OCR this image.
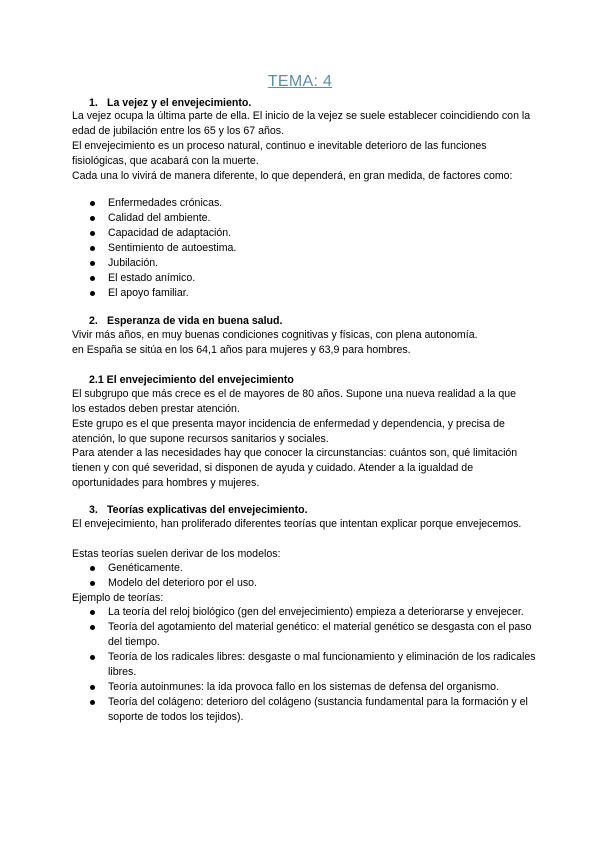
TEMA: 4
1. La vejez y el envejecimiento.

La vejez ocupa la última parte de ella. El inicio de la vejez se suele establecer coincidiendo con la edad de jubilación entre los 65 y los 67 años.

El envejecimiento es un proceso natural, continuo e inevitable deterioro de las funciones fisiológicas, que acabará con la muerte.

Cada una lo vivirá de manera diferente, lo que dependerá, en gran medida, de factores como:

Enfermedades crónicas.
Calidad del ambiente.
Capacidad de adaptación.
Sentimiento de autoestima.
Jubilación.
El estado anímico.
El apoyo familiar.
2. Esperanza de vida en buena salud.

Vivir más años, en muy buenas condiciones cognitivas y físicas, con plena autonomía.

en España se sitúa en los 64,1 años para mujeres y 63,9 para hombres.

2.1 El envejecimiento del envejecimiento

El subgrupo que más crece es el de mayores de 80 años. Supone una nueva realidad a la que los estados deben prestar atención.

Este grupo es el que presenta mayor incidencia de enfermedad y dependencia, y precisa de atención, lo que supone recursos sanitarios y sociales.

Para atender a las necesidades hay que conocer la circunstancias: cuántos son, qué limitación tienen y con qué severidad, si disponen de ayuda y cuidado. Atender a la igualdad de oportunidades para hombres y mujeres.

3. Teorías explicativas del envejecimiento.

El envejecimiento, han proliferado diferentes teorías que intentan explicar porque envejecemos.

Estas teorías suelen derivar de los modelos:

Genéticamente.
Modelo del deterioro por el uso.

Ejemplo de teorías:

La teoría del reloj biológico (gen del envejecimiento) empieza a deteriorarse y envejecer.
Teoría del agotamiento del material genético: el material genético se desgasta con el paso del tiempo.
Teoría de los radicales libres: desgaste o mal funcionamiento y eliminación de los radicales libres.
Teoría autoinmunes: la ida provoca fallo en los sistemas de defensa del organismo.
Teoría del colágeno: deterioro del colágeno (sustancia fundamental para la formación y el soporte de todos los tejidos).
